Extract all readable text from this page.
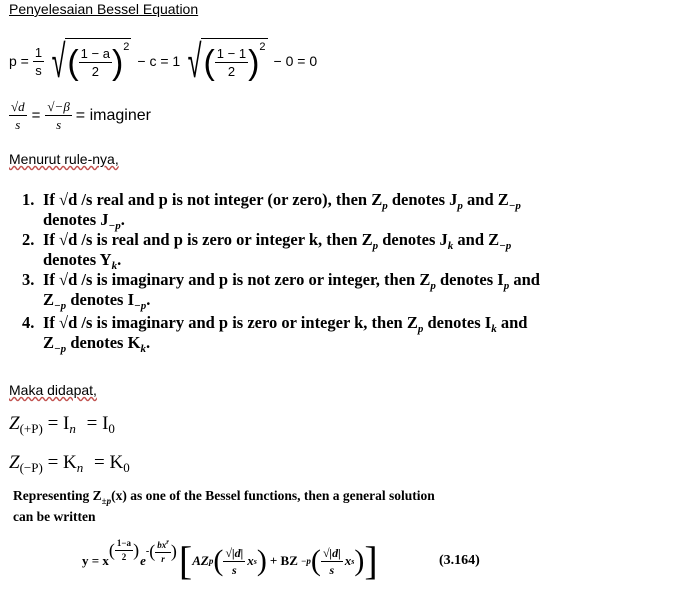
Penyelesaian Bessel Equation
$p = \frac{1}{s}$ √ ( $\frac{1 - a}{2}$ ) 2
− c = 1 √ ( $\frac{1 - 1}{2}$ ) 2
− 0 = 0
$\frac{√d}{s} = \frac{√-\beta}{s}$ = imaginer
Menurut rule-nya,
1. If √d /s real and p is not integer (or zero), then $Z_p$ denotes $J_p$ and $Z_{-p}$
denotes $J_{-p}$.
2. If √d /s is real and p is zero or integer k, then $Z_p$ denotes $J_k$ and $Z_{-p}$
denotes $Y_k$.
3. If √d /s is imaginary and p is not zero or integer, then $Z_p$ denotes $I_p$ and
$Z_{-p}$ denotes $I_{-p}$.
4. If √d /s is imaginary and p is zero or integer k, then $Z_p$ denotes $I_k$ and
$Z_{-p}$ denotes $K_k$.
Maka didapat,
$Z_{(+P)} = I_n = I_0$
$Z_{(-P)} = K_n = K_0$
Representing $Z_{\pm p}(x)$ as one of the Bessel functions, then a general solution
can be written
y = x
( $\frac{1-a}{2}$ )
e
- ( $\frac{bx^r}{r}$ ) [ AZ p ( $\frac{√|d|}{s}$ x s ) + BZ −p ( $\frac{√|d|}{s}$ x s ) ]	(3.164)
